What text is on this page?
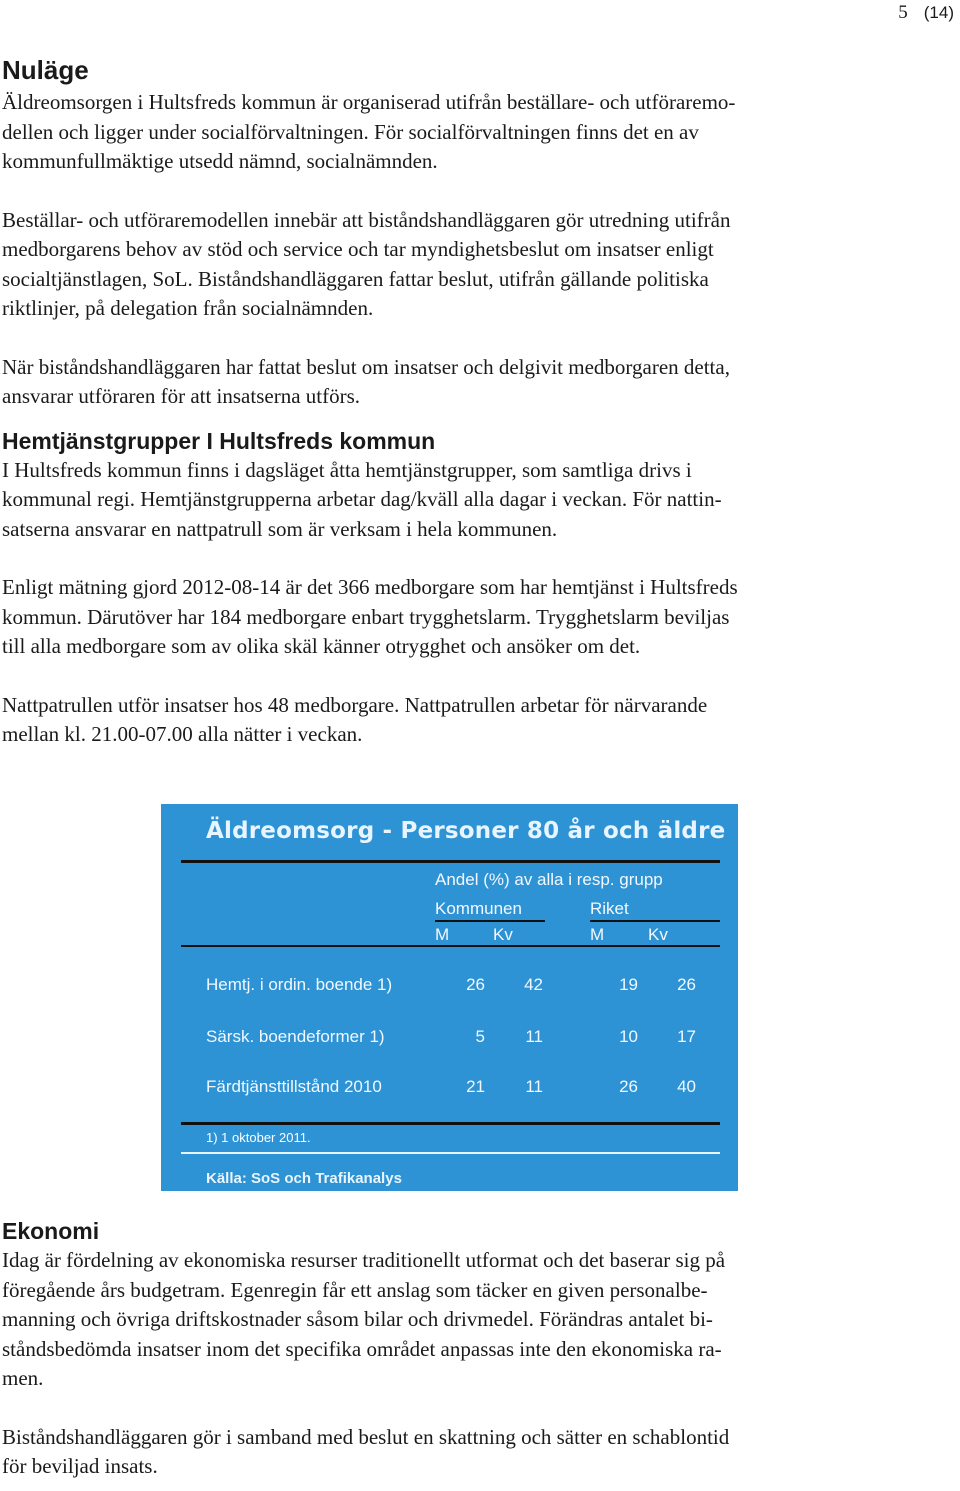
5 (14)
Nuläge

Äldreomsorgen i Hultsfreds kommun är organiserad utifrån beställare- och utföraremo-
dellen och ligger under socialförvaltningen. För socialförvaltningen finns det en av
kommunfullmäktige utsedd nämnd, socialnämnden.

Beställar- och utföraremodellen innebär att biståndshandläggaren gör utredning utifrån
medborgarens behov av stöd och service och tar myndighetsbeslut om insatser enligt
socialtjänstlagen, SoL. Biståndshandläggaren fattar beslut, utifrån gällande politiska
riktlinjer, på delegation från socialnämnden.

När biståndshandläggaren har fattat beslut om insatser och delgivit medborgaren detta,
ansvarar utföraren för att insatserna utförs.

Hemtjänstgrupper I Hultsfreds kommun

I Hultsfreds kommun finns i dagsläget åtta hemtjänstgrupper, som samtliga drivs i
kommunal regi. Hemtjänstgrupperna arbetar dag/kväll alla dagar i veckan. För nattin-
satserna ansvarar en nattpatrull som är verksam i hela kommunen.

Enligt mätning gjord 2012-08-14 är det 366 medborgare som har hemtjänst i Hultsfreds
kommun. Därutöver har 184 medborgare enbart trygghetslarm. Trygghetslarm beviljas
till alla medborgare som av olika skäl känner otrygghet och ansöker om det.

Nattpatrullen utför insatser hos 48 medborgare. Nattpatrullen arbetar för närvarande
mellan kl. 21.00-07.00 alla nätter i veckan.

Äldreomsorg - Personer 80 år och äldre
Andel (%) av alla i resp. grupp
Kommunen	Riket
M	Kv	M	Kv
Hemtj. i ordin. boende 1)	26	42	19	26
Särsk. boendeformer 1)	5	11	10	17
Färdtjänsttillstånd 2010	21	11	26	40
1) 1 oktober 2011.
Källa: SoS och Trafikanalys
Ekonomi

Idag är fördelning av ekonomiska resurser traditionellt utformat och det baserar sig på
föregående års budgetram. Egenregin får ett anslag som täcker en given personalbe-
manning och övriga driftskostnader såsom bilar och drivmedel. Förändras antalet bi-
ståndsbedömda insatser inom det specifika området anpassas inte den ekonomiska ra-
men.

Biståndshandläggaren gör i samband med beslut en skattning och sätter en schablontid
för beviljad insats.
